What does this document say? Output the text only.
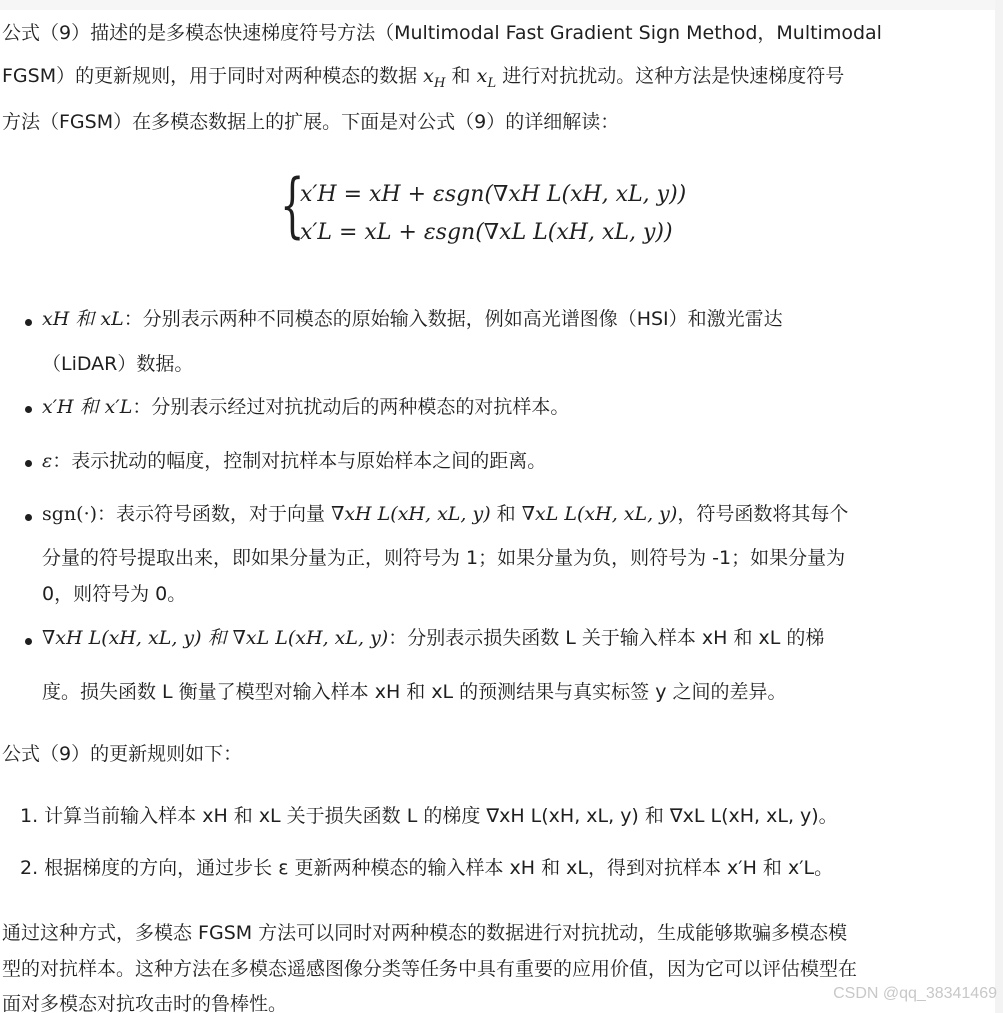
公式（9）描述的是多模态快速梯度符号方法（Multimodal Fast Gradient Sign Method，Multimodal
FGSM）的更新规则，用于同时对两种模态的数据 $x_H$ 和 $x_L$ 进行对抗扰动。这种方法是快速梯度符号
方法（FGSM）在多模态数据上的扩展。下面是对公式（9）的详细解读：
{
x′H = xH + εsgn(∇xH L(xH, xL, y))
x′L = xL + εsgn(∇xL L(xH, xL, y))
xH 和 xL：分别表示两种不同模态的原始输入数据，例如高光谱图像（HSI）和激光雷达
（LiDAR）数据。
x′H 和 x′L：分别表示经过对抗扰动后的两种模态的对抗样本。
ε：表示扰动的幅度，控制对抗样本与原始样本之间的距离。
sgn(·)：表示符号函数，对于向量 ∇xH L(xH, xL, y) 和 ∇xL L(xH, xL, y)，符号函数将其每个
分量的符号提取出来，即如果分量为正，则符号为 1；如果分量为负，则符号为 -1；如果分量为
0，则符号为 0。
∇xH L(xH, xL, y) 和 ∇xL L(xH, xL, y)：分别表示损失函数 L 关于输入样本 xH 和 xL 的梯
度。损失函数 L 衡量了模型对输入样本 xH 和 xL 的预测结果与真实标签 y 之间的差异。
公式（9）的更新规则如下：
1. 计算当前输入样本 xH 和 xL 关于损失函数 L 的梯度 ∇xH L(xH, xL, y) 和 ∇xL L(xH, xL, y)。
2. 根据梯度的方向，通过步长 ε 更新两种模态的输入样本 xH 和 xL，得到对抗样本 x′H 和 x′L。
通过这种方式，多模态 FGSM 方法可以同时对两种模态的数据进行对抗扰动，生成能够欺骗多模态模
型的对抗样本。这种方法在多模态遥感图像分类等任务中具有重要的应用价值，因为它可以评估模型在
面对多模态对抗攻击时的鲁棒性。	CSDN @qq_38341469
